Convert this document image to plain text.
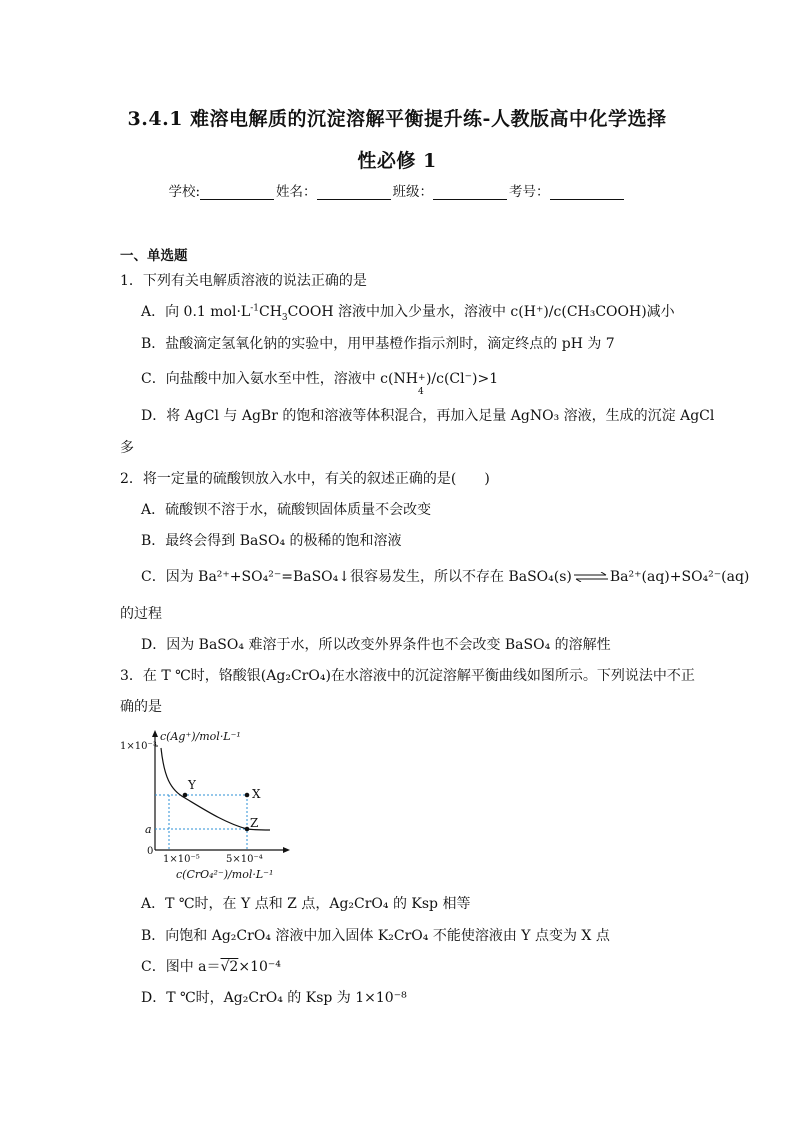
3.4.1 难溶电解质的沉淀溶解平衡提升练-人教版高中化学选择
性必修 1
学校:	姓名：	班级：	考号：
一、单选题
1．下列有关电解质溶液的说法正确的是
A．向 0.1 $mol\cdot L^{-1}CH_3COOH$ 溶液中加入少量水，溶液中 c(H⁺)/c(CH₃COOH)减小
B．盐酸滴定氢氧化钠的实验中，用甲基橙作指示剂时，滴定终点的 pH 为 7
C．向盐酸中加入氨水至中性，溶液中 c(NH +
4
)/c(Cl⁻)>1
D．将 AgCl 与 AgBr 的饱和溶液等体积混合，再加入足量 AgNO₃ 溶液，生成的沉淀 AgCl
多
2．将一定量的硫酸钡放入水中，有关的叙述正确的是(　　)
A．硫酸钡不溶于水，硫酸钡固体质量不会改变
B．最终会得到 BaSO₄ 的极稀的饱和溶液
C．因为 Ba²⁺+SO₄²⁻=BaSO₄↓很容易发生，所以不存在 BaSO₄(s)⇌Ba²⁺(aq)+SO₄²⁻(aq)
的过程
D．因为 BaSO₄ 难溶于水，所以改变外界条件也不会改变 BaSO₄ 的溶解性
3．在 T ℃时，铬酸银(Ag₂CrO₄)在水溶液中的沉淀溶解平衡曲线如图所示。下列说法中不正
确的是
c(Ag⁺)/mol·L⁻¹
1×10⁻³
a
0
1×10⁻⁵	5×10⁻⁴
c(CrO₄²⁻)/mol·L⁻¹
Y
X
Z
A．T ℃时，在 Y 点和 Z 点，Ag₂CrO₄ 的 Ksp 相等
B．向饱和 Ag₂CrO₄ 溶液中加入固体 K₂CrO₄ 不能使溶液由 Y 点变为 X 点
C．图中 a＝√2×10⁻⁴
D．T ℃时，Ag₂CrO₄ 的 Ksp 为 1×10⁻⁸
